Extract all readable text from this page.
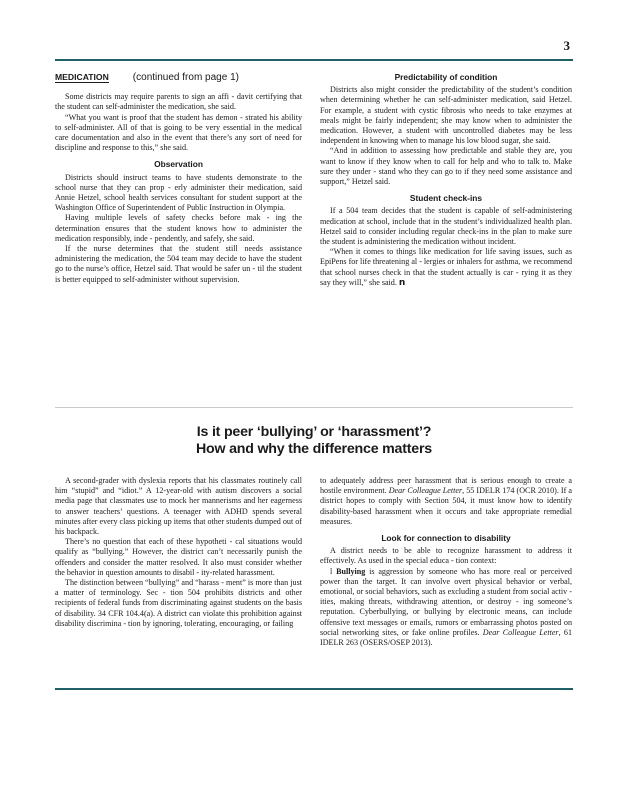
3
MEDICATION (continued from page 1)

Some districts may require parents to sign an affi - davit certifying that the student can self-administer the medication, she said.

“What you want is proof that the student has demon - strated his ability to self-administer. All of that is going to be very essential in the medical care documentation and also in the event that there’s any sort of need for discipline and response to this,” she said.

Observation

Districts should instruct teams to have students demonstrate to the school nurse that they can prop - erly administer their medication, said Annie Hetzel, school health services consultant for student support at the Washington Office of Superintendent of Public Instruction in Olympia.

Having multiple levels of safety checks before mak - ing the determination ensures that the student knows how to administer the medication responsibly, inde - pendently, and safely, she said.

If the nurse determines that the student still needs assistance administering the medication, the 504 team may decide to have the student go to the nurse’s office, Hetzel said. That would be safer un - til the student is better equipped to self-administer without supervision.

Predictability of condition

Districts also might consider the predictability of the student’s condition when determining whether he can self-administer medication, said Hetzel. For example, a student with cystic fibrosis who needs to take enzymes at meals might be fairly independent; she may know when to administer the medication. However, a student with uncontrolled diabetes may be less independent in knowing when to manage his low blood sugar, she said.

“And in addition to assessing how predictable and stable they are, you want to know if they know when to call for help and who to talk to. Make sure they under - stand who they can go to if they need some assistance and support,” Hetzel said.

Student check-ins

If a 504 team decides that the student is capable of self-administering medication at school, include that in the student’s individualized health plan. Hetzel said to consider including regular check-ins in the plan to make sure the student is administering the medication without incident.

“When it comes to things like medication for life saving issues, such as EpiPens for life threatening al - lergies or inhalers for asthma, we recommend that school nurses check in that the student actually is car - rying it as they say they will,” she said. n

Is it peer ‘bullying’ or ‘harassment’?
How and why the difference matters

A second-grader with dyslexia reports that his classmates routinely call him “stupid” and “idiot.” A 12-year-old with autism discovers a social media page that classmates use to mock her mannerisms and her eagerness to answer teachers’ questions. A teenager with ADHD spends several minutes after every class picking up items that other students dumped out of his backpack.

There’s no question that each of these hypotheti - cal situations would qualify as “bullying.” However, the district can’t necessarily punish the offenders and consider the matter resolved. It also must consider whether the behavior in question amounts to disabil - ity-related harassment.

The distinction between “bullying” and “harass - ment” is more than just a matter of terminology. Sec - tion 504 prohibits districts and other recipients of federal funds from discriminating against students on the basis of disability. 34 CFR 104.4(a). A district can violate this prohibition against disability discrimina - tion by ignoring, tolerating, encouraging, or failing

to adequately address peer harassment that is serious enough to create a hostile environment. Dear Colleague Letter, 55 IDELR 174 (OCR 2010). If a district hopes to comply with Section 504, it must know how to identify disability-based harassment when it occurs and take appropriate remedial measures.

Look for connection to disability

A district needs to be able to recognize harassment to address it effectively. As used in the special educa - tion context:

l Bullying is aggression by someone who has more real or perceived power than the target. It can involve overt physical behavior or verbal, emotional, or social behaviors, such as excluding a student from social activ - ities, making threats, withdrawing attention, or destroy - ing someone’s reputation. Cyberbullying, or bullying by electronic means, can include offensive text messages or emails, rumors or embarrassing photos posted on social networking sites, or fake online profiles. Dear Colleague Letter, 61 IDELR 263 (OSERS/OSEP 2013).
